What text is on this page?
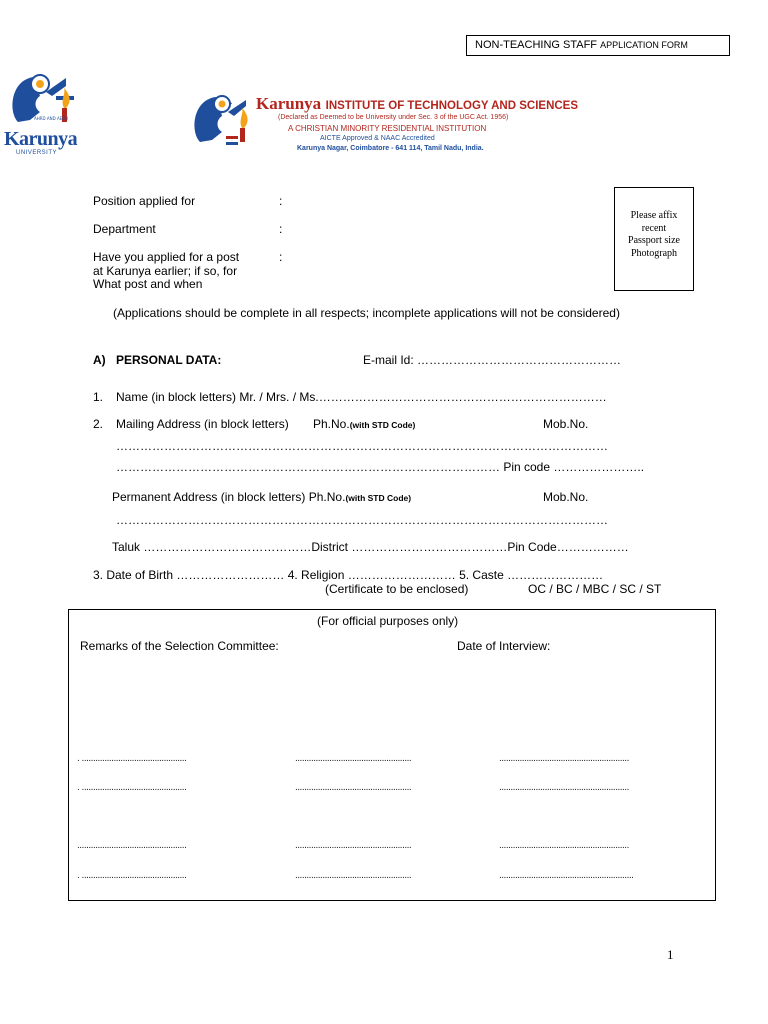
NON-TEACHING STAFF APPLICATION FORM
AHRD AND AERO
Karunya
UNIVERSITY
Karunya INSTITUTE OF TECHNOLOGY AND SCIENCES
(Declared as Deemed to be University under Sec. 3 of the UGC Act. 1956)
A CHRISTIAN MINORITY RESIDENTIAL INSTITUTION
AICTE Approved & NAAC Accredited
Karunya Nagar, Coimbatore - 641 114, Tamil Nadu, India.
Position applied for	:
Department	:
Have you applied for a post
at Karunya earlier; if so, for
What post and when
:
Please affix
recent
Passport size
Photograph
(Applications should be complete in all respects; incomplete applications will not be considered)
A) PERSONAL DATA:	E-mail Id: ……………………………………………
1. Name (in block letters) Mr. / Mrs. / Ms.………………………………………………………………
2. Mailing Address (in block letters) Ph.No.(with STD Code)	Mob.No.
……………………………………………………………………………………………………………
…………………………………………………………………………………… Pin code …………………..
Permanent Address (in block letters) Ph.No.(with STD Code)	Mob.No.
……………………………………………………………………………………………………………
Taluk ……………………………………District …………………………………Pin Code………………
3. Date of Birth ……………………… 4. Religion ……………………… 5. Caste ……………………
(Certificate to be enclosed)	OC / BC / MBC / SC / ST
(For official purposes only)
Remarks of the Selection Committee:	Date of Interview:
. ..............................................	...................................................	.........................................................
. ..............................................	...................................................	.........................................................
................................................	...................................................	.........................................................
. ..............................................	...................................................	...........................................................
1
